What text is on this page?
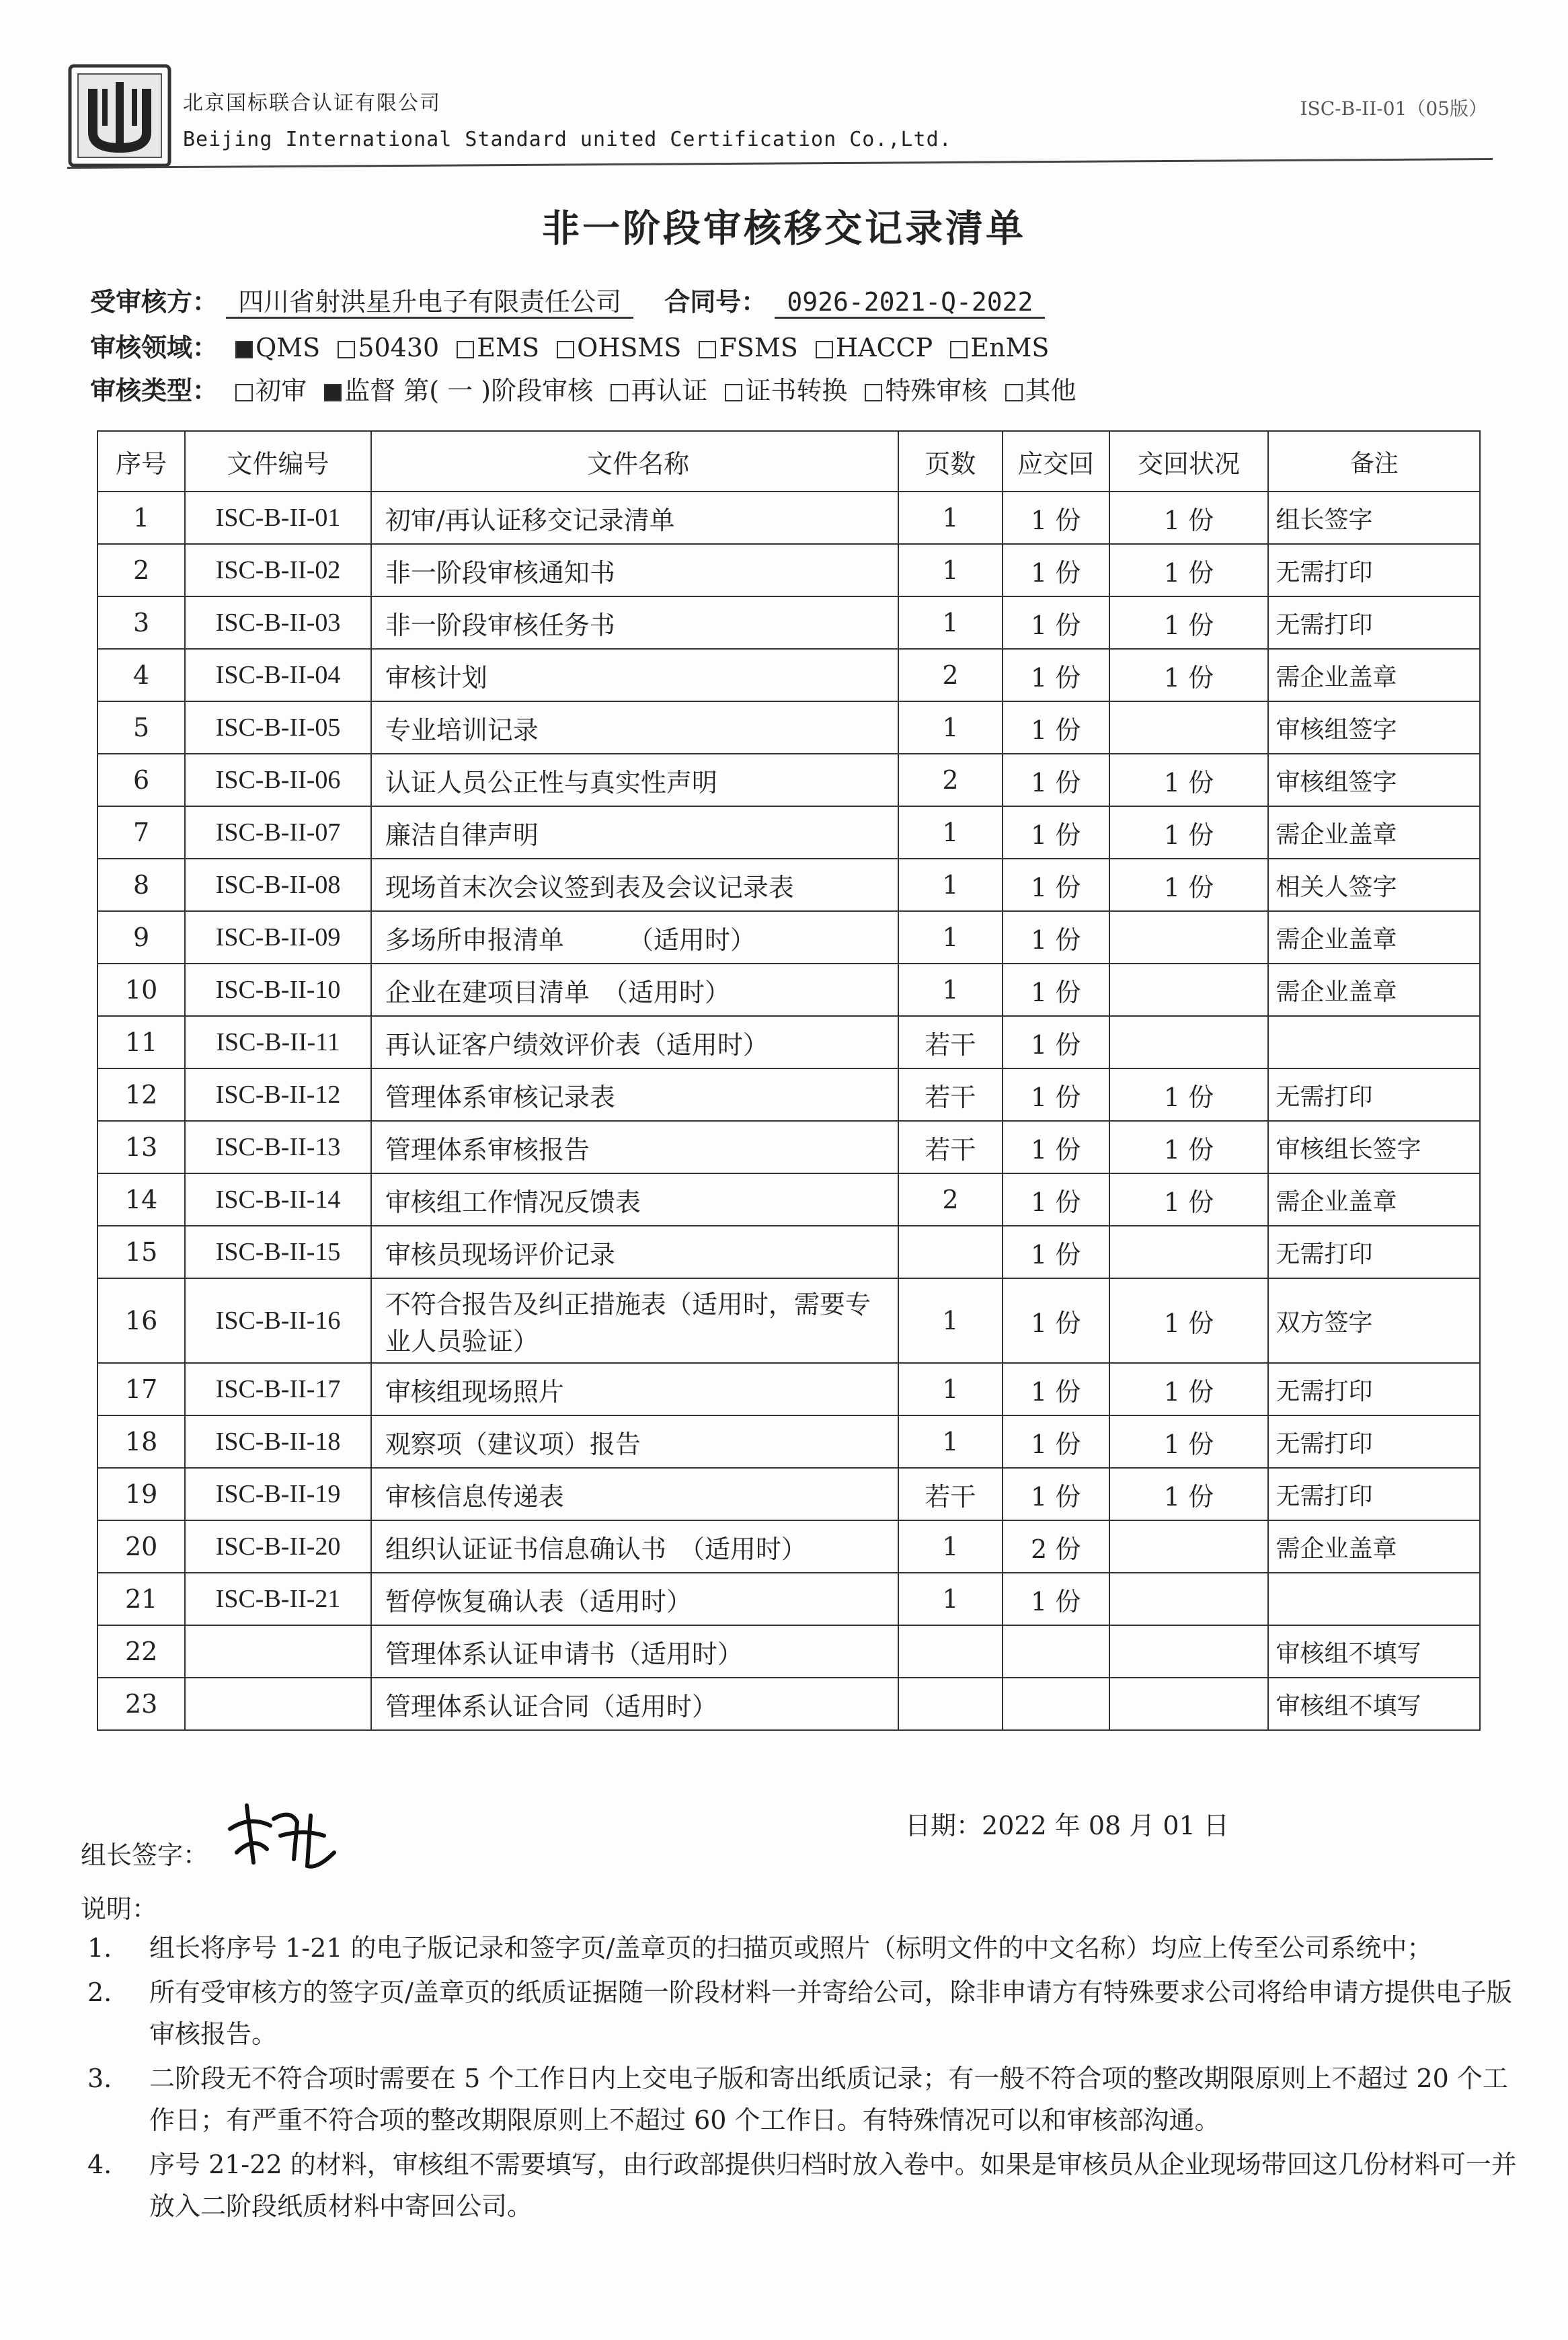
北京国标联合认证有限公司
Beijing International Standard united Certification Co.,Ltd.
ISC-B-II-01（05版）
非一阶段审核移交记录清单
受审核方： 四川省射洪星升电子有限责任公司 合同号： 0926-2021-Q-2022
审核领域： QMS 50430 EMS OHSMS FSMS HACCP EnMS
审核类型： 初审 监督 第( 一 )阶段审核 再认证 证书转换 特殊审核 其他
序号	文件编号	文件名称	页数	应交回	交回状况	备注
1	ISC-B-II-01	初审/再认证移交记录清单	1	1 份	1 份	组长签字
2	ISC-B-II-02	非一阶段审核通知书	1	1 份	1 份	无需打印
3	ISC-B-II-03	非一阶段审核任务书	1	1 份	1 份	无需打印
4	ISC-B-II-04	审核计划	2	1 份	1 份	需企业盖章
5	ISC-B-II-05	专业培训记录	1	1 份		审核组签字
6	ISC-B-II-06	认证人员公正性与真实性声明	2	1 份	1 份	审核组签字
7	ISC-B-II-07	廉洁自律声明	1	1 份	1 份	需企业盖章
8	ISC-B-II-08	现场首末次会议签到表及会议记录表	1	1 份	1 份	相关人签字
9	ISC-B-II-09	多场所申报清单　　　（适用时）	1	1 份		需企业盖章
10	ISC-B-II-10	企业在建项目清单　（适用时）	1	1 份		需企业盖章
11	ISC-B-II-11	再认证客户绩效评价表（适用时）	若干	1 份		
12	ISC-B-II-12	管理体系审核记录表	若干	1 份	1 份	无需打印
13	ISC-B-II-13	管理体系审核报告	若干	1 份	1 份	审核组长签字
14	ISC-B-II-14	审核组工作情况反馈表	2	1 份	1 份	需企业盖章
15	ISC-B-II-15	审核员现场评价记录		1 份		无需打印
16	ISC-B-II-16	不符合报告及纠正措施表（适用时，需要专业人员验证）	1	1 份	1 份	双方签字
17	ISC-B-II-17	审核组现场照片	1	1 份	1 份	无需打印
18	ISC-B-II-18	观察项（建议项）报告	1	1 份	1 份	无需打印
19	ISC-B-II-19	审核信息传递表	若干	1 份	1 份	无需打印
20	ISC-B-II-20	组织认证证书信息确认书　（适用时）	1	2 份		需企业盖章
21	ISC-B-II-21	暂停恢复确认表（适用时）	1	1 份		
22		管理体系认证申请书（适用时）				审核组不填写
23		管理体系认证合同（适用时）				审核组不填写
组长签字：
日期：2022 年 08 月 01 日
说明：
1.	组长将序号 1-21 的电子版记录和签字页/盖章页的扫描页或照片（标明文件的中文名称）均应上传至公司系统中；
2.	所有受审核方的签字页/盖章页的纸质证据随一阶段材料一并寄给公司，除非申请方有特殊要求公司将给申请方提供电子版审核报告。
3.	二阶段无不符合项时需要在 5 个工作日内上交电子版和寄出纸质记录；有一般不符合项的整改期限原则上不超过 20 个工作日；有严重不符合项的整改期限原则上不超过 60 个工作日。有特殊情况可以和审核部沟通。
4.	序号 21-22 的材料，审核组不需要填写，由行政部提供归档时放入卷中。如果是审核员从企业现场带回这几份材料可一并放入二阶段纸质材料中寄回公司。
